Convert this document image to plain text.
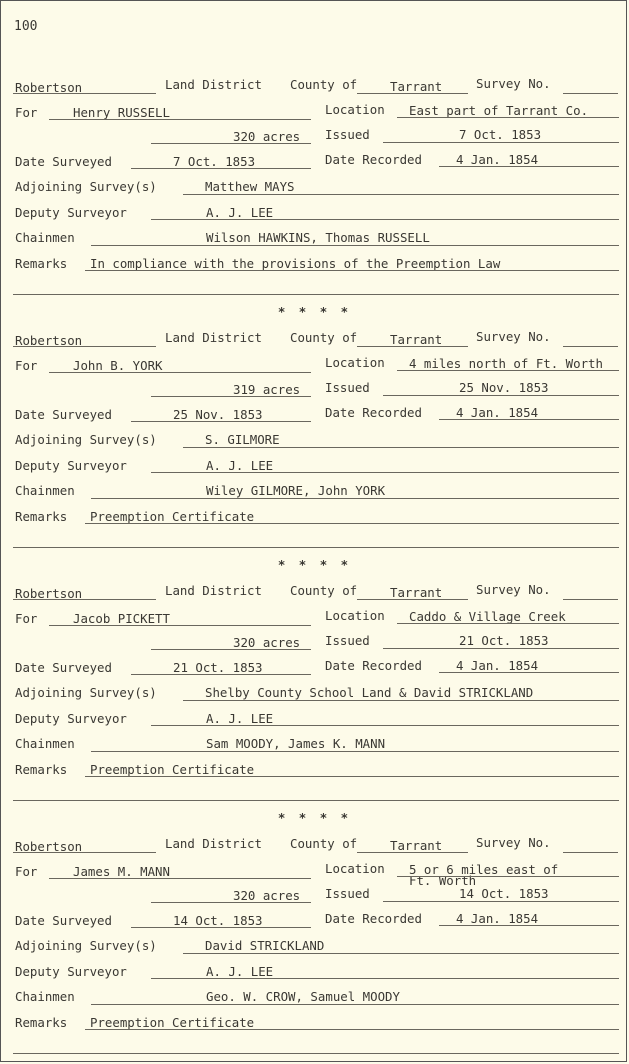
100
Robertson	Land District County of	Tarrant	Survey No.
For	Henry RUSSELL	Location East part of Tarrant Co.
320 acres Issued	7 Oct. 1853
Date Surveyed	7 Oct. 1853	Date Recorded	4 Jan. 1854
Adjoining Survey(s)	Matthew MAYS
Deputy Surveyor	A. J. LEE
Chainmen	Wilson HAWKINS, Thomas RUSSELL
Remarks In compliance with the provisions of the Preemption Law
* * * *
Robertson	Land District County of	Tarrant	Survey No.
For	John B. YORK	Location 4 miles north of Ft. Worth
319 acres Issued	25 Nov. 1853
Date Surveyed	25 Nov. 1853	Date Recorded	4 Jan. 1854
Adjoining Survey(s)	S. GILMORE
Deputy Surveyor	A. J. LEE
Chainmen	Wiley GILMORE, John YORK
Remarks Preemption Certificate
* * * *
Robertson	Land District County of	Tarrant	Survey No.
For	Jacob PICKETT	Location Caddo & Village Creek
320 acres Issued	21 Oct. 1853
Date Surveyed	21 Oct. 1853	Date Recorded	4 Jan. 1854
Adjoining Survey(s)	Shelby County School Land & David STRICKLAND
Deputy Surveyor	A. J. LEE
Chainmen	Sam MOODY, James K. MANN
Remarks Preemption Certificate
* * * *
Robertson	Land District County of	Tarrant	Survey No.
For	James M. MANN	Location 5 or 6 miles east of
Ft. Worth
320 acres Issued	14 Oct. 1853
Date Surveyed	14 Oct. 1853	Date Recorded	4 Jan. 1854
Adjoining Survey(s)	David STRICKLAND
Deputy Surveyor	A. J. LEE
Chainmen	Geo. W. CROW, Samuel MOODY
Remarks Preemption Certificate
